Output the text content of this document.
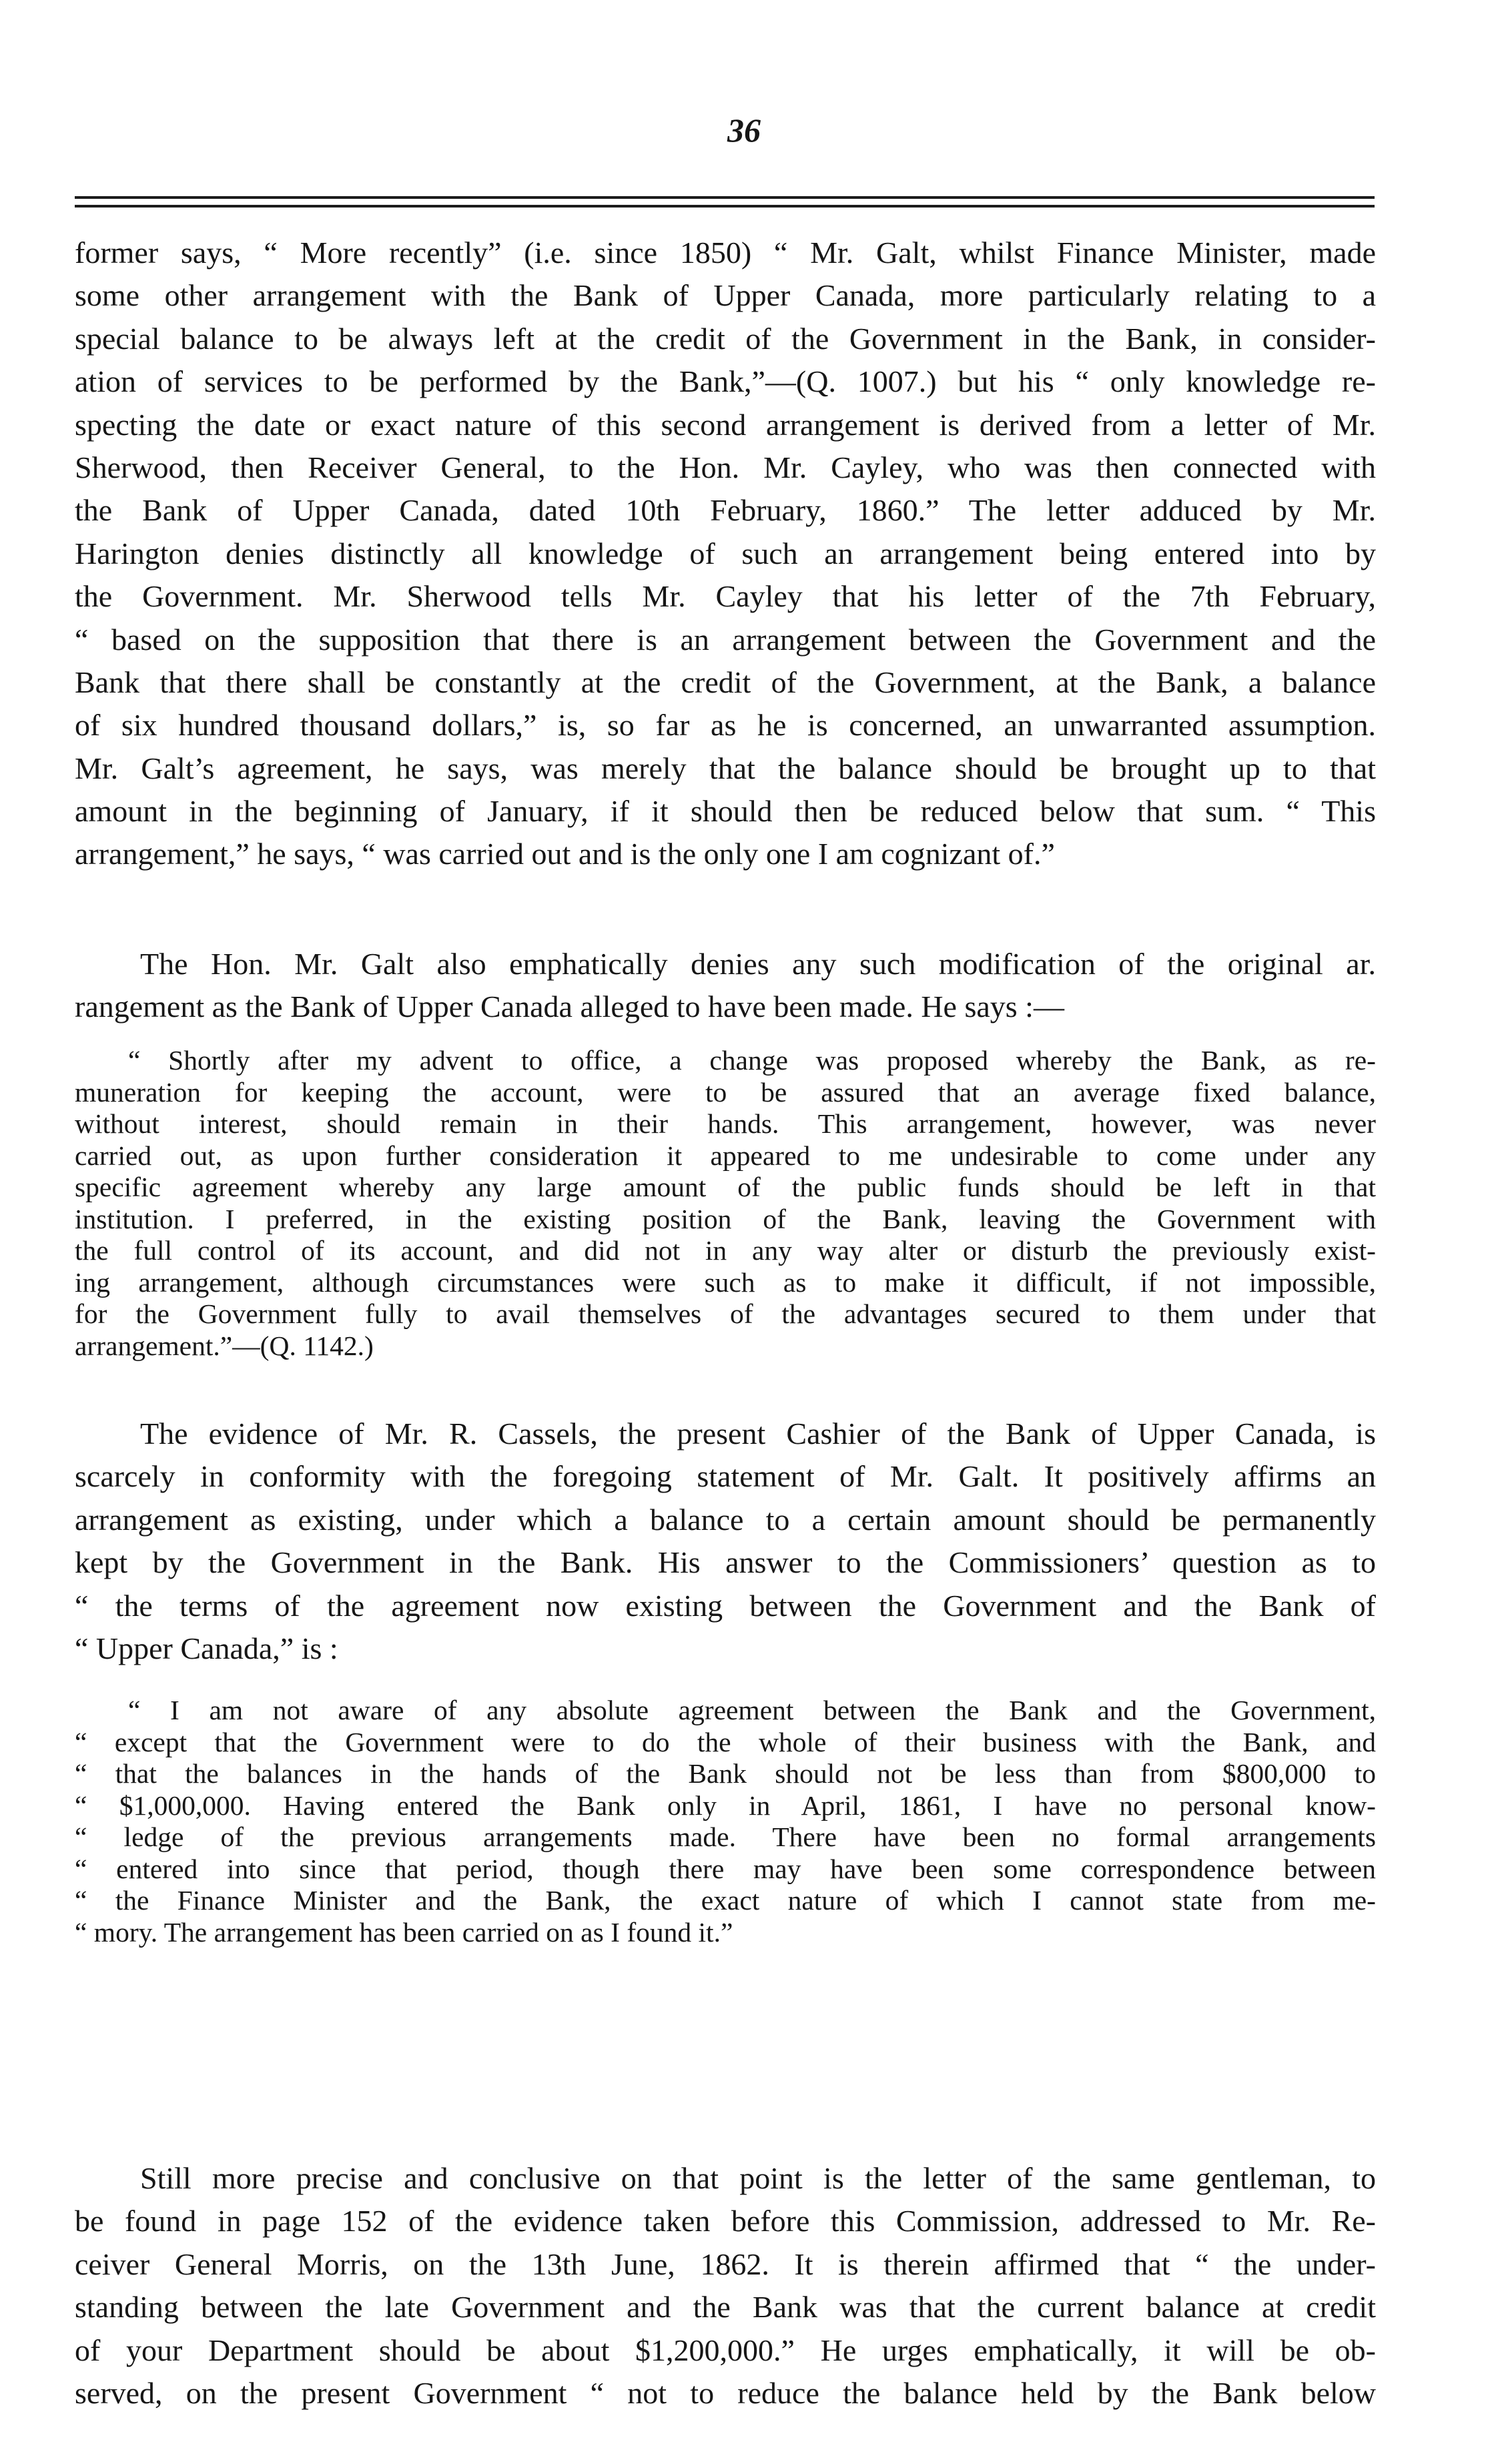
36
former says, “ More recently” (i.e. since 1850) “ Mr. Galt, whilst Finance Minister, made
some other arrangement with the Bank of Upper Canada, more particularly relating to a
special balance to be always left at the credit of the Government in the Bank, in consider-
ation of services to be performed by the Bank,”—(Q. 1007.) but his “ only knowledge re-
specting the date or exact nature of this second arrangement is derived from a letter of Mr.
Sherwood, then Receiver General, to the Hon. Mr. Cayley, who was then connected with
the Bank of Upper Canada, dated 10th February, 1860.” The letter adduced by Mr.
Harington denies distinctly all knowledge of such an arrangement being entered into by
the Government. Mr. Sherwood tells Mr. Cayley that his letter of the 7th February,
“ based on the supposition that there is an arrangement between the Government and the
Bank that there shall be constantly at the credit of the Government, at the Bank, a balance
of six hundred thousand dollars,” is, so far as he is concerned, an unwarranted assumption.
Mr. Galt’s agreement, he says, was merely that the balance should be brought up to that
amount in the beginning of January, if it should then be reduced below that sum. “ This
arrangement,” he says, “ was carried out and is the only one I am cognizant of.”
The Hon. Mr. Galt also emphatically denies any such modification of the original ar.
rangement as the Bank of Upper Canada alleged to have been made. He says :—
“ Shortly after my advent to office, a change was proposed whereby the Bank, as re-
muneration for keeping the account, were to be assured that an average fixed balance,
without interest, should remain in their hands. This arrangement, however, was never
carried out, as upon further consideration it appeared to me undesirable to come under any
specific agreement whereby any large amount of the public funds should be left in that
institution. I preferred, in the existing position of the Bank, leaving the Government with
the full control of its account, and did not in any way alter or disturb the previously exist-
ing arrangement, although circumstances were such as to make it difficult, if not impossible,
for the Government fully to avail themselves of the advantages secured to them under that
arrangement.”—(Q. 1142.)
The evidence of Mr. R. Cassels, the present Cashier of the Bank of Upper Canada, is
scarcely in conformity with the foregoing statement of Mr. Galt. It positively affirms an
arrangement as existing, under which a balance to a certain amount should be permanently
kept by the Government in the Bank. His answer to the Commissioners’ question as to
“ the terms of the agreement now existing between the Government and the Bank of
“ Upper Canada,” is :
“ I am not aware of any absolute agreement between the Bank and the Government,
“ except that the Government were to do the whole of their business with the Bank, and
“ that the balances in the hands of the Bank should not be less than from $800,000 to
“ $1,000,000. Having entered the Bank only in April, 1861, I have no personal know-
“ ledge of the previous arrangements made. There have been no formal arrangements
“ entered into since that period, though there may have been some correspondence between
“ the Finance Minister and the Bank, the exact nature of which I cannot state from me-
“ mory. The arrangement has been carried on as I found it.”
Still more precise and conclusive on that point is the letter of the same gentleman, to
be found in page 152 of the evidence taken before this Commission, addressed to Mr. Re-
ceiver General Morris, on the 13th June, 1862. It is therein affirmed that “ the under-
standing between the late Government and the Bank was that the current balance at credit
of your Department should be about $1,200,000.” He urges emphatically, it will be ob-
served, on the present Government “ not to reduce the balance held by the Bank below
